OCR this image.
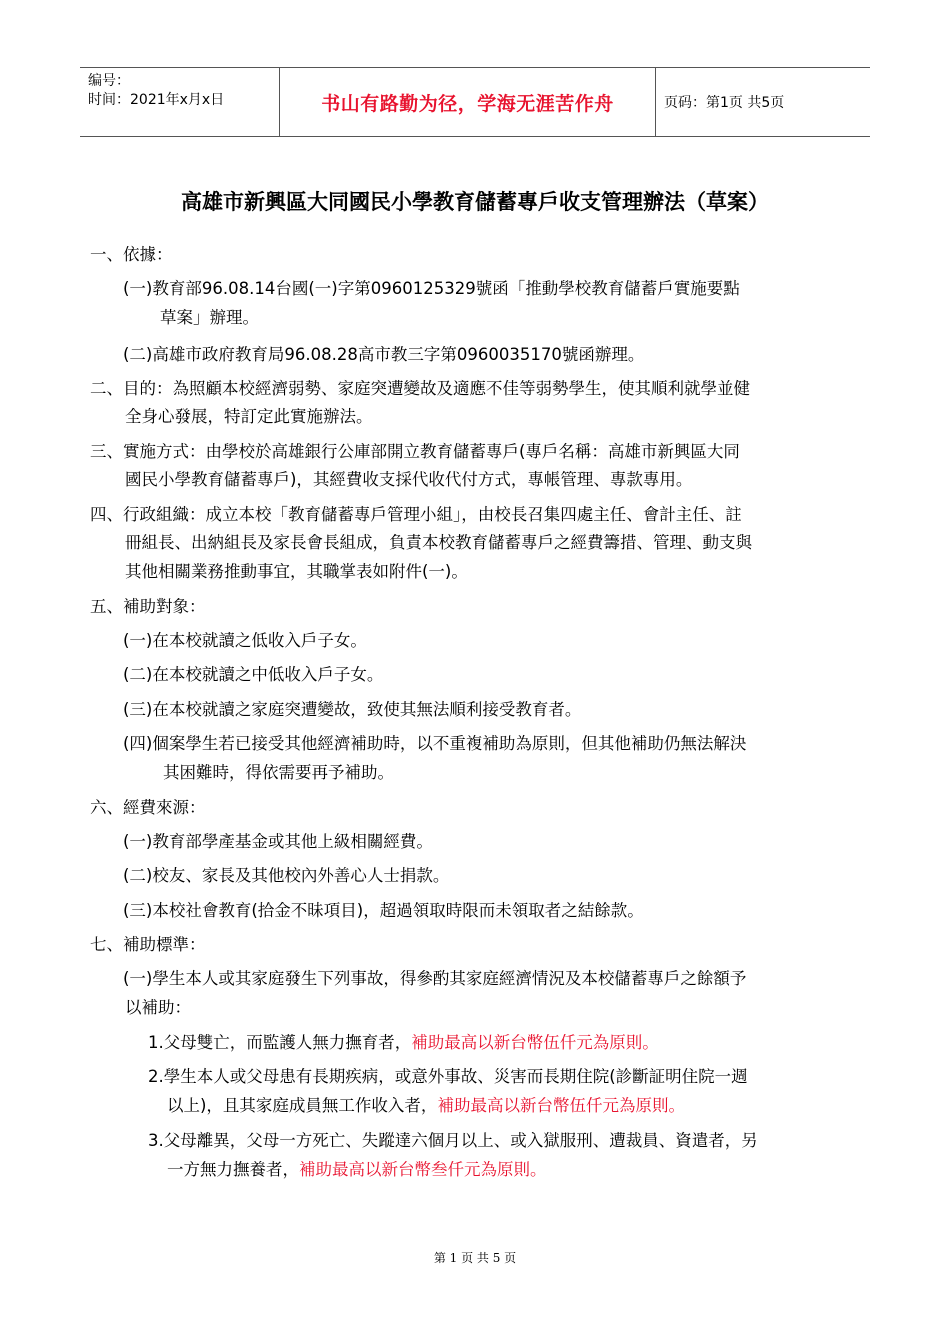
编号：
时间：2021年x月x日	书山有路勤为径，学海无涯苦作舟	页码：第1页 共5页
高雄市新興區大同國民小學教育儲蓄專戶收支管理辦法（草案）
一、依據：
(一)教育部96.08.14台國(一)字第0960125329號函「推動學校教育儲蓄戶實施要點
草案」辦理。
(二)高雄市政府教育局96.08.28高市教三字第0960035170號函辦理。
二、目的：為照顧本校經濟弱勢、家庭突遭變故及適應不佳等弱勢學生，使其順利就學並健
全身心發展，特訂定此實施辦法。
三、實施方式：由學校於高雄銀行公庫部開立教育儲蓄專戶(專戶名稱：高雄市新興區大同
國民小學教育儲蓄專戶)，其經費收支採代收代付方式，專帳管理、專款專用。
四、行政組織：成立本校「教育儲蓄專戶管理小組」，由校長召集四處主任、會計主任、註
冊組長、出納組長及家長會長組成，負責本校教育儲蓄專戶之經費籌措、管理、動支與
其他相關業務推動事宜，其職掌表如附件(一)。
五、補助對象：
(一)在本校就讀之低收入戶子女。
(二)在本校就讀之中低收入戶子女。
(三)在本校就讀之家庭突遭變故，致使其無法順利接受教育者。
(四)個案學生若已接受其他經濟補助時，以不重複補助為原則，但其他補助仍無法解決
其困難時，得依需要再予補助。
六、經費來源：
(一)教育部學產基金或其他上級相關經費。
(二)校友、家長及其他校內外善心人士捐款。
(三)本校社會教育(拾金不昧項目)，超過領取時限而未領取者之結餘款。
七、補助標準：
(一)學生本人或其家庭發生下列事故，得參酌其家庭經濟情況及本校儲蓄專戶之餘額予
以補助：
1.父母雙亡，而監護人無力撫育者，補助最高以新台幣伍仟元為原則。
2.學生本人或父母患有長期疾病，或意外事故、災害而長期住院(診斷証明住院一週
以上)，且其家庭成員無工作收入者，補助最高以新台幣伍仟元為原則。
3.父母離異，父母一方死亡、失蹤達六個月以上、或入獄服刑、遭裁員、資遣者，另
一方無力撫養者，補助最高以新台幣叁仟元為原則。
第 1 页 共 5 页
